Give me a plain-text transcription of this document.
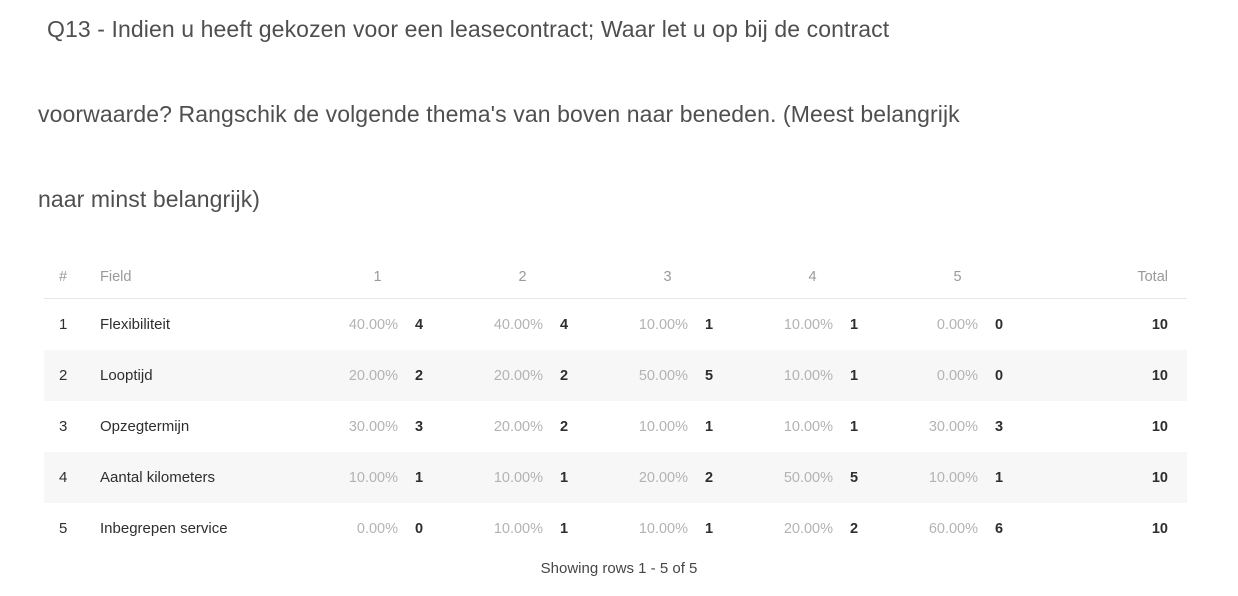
Q13 - Indien u heeft gekozen voor een leasecontract; Waar let u op bij de contract
voorwaarde? Rangschik de volgende thema's van boven naar beneden. (Meest belangrijk
naar minst belangrijk)
#	Field	1	2	3	4	5	Total
1	Flexibiliteit	40.00% 4	40.00% 4	10.00% 1	10.00% 1	0.00% 0	10
2	Looptijd	20.00% 2	20.00% 2	50.00% 5	10.00% 1	0.00% 0	10
3	Opzegtermijn	30.00% 3	20.00% 2	10.00% 1	10.00% 1	30.00% 3	10
4	Aantal kilometers	10.00% 1	10.00% 1	20.00% 2	50.00% 5	10.00% 1	10
5	Inbegrepen service	0.00% 0	10.00% 1	10.00% 1	20.00% 2	60.00% 6	10
Showing rows 1 - 5 of 5
